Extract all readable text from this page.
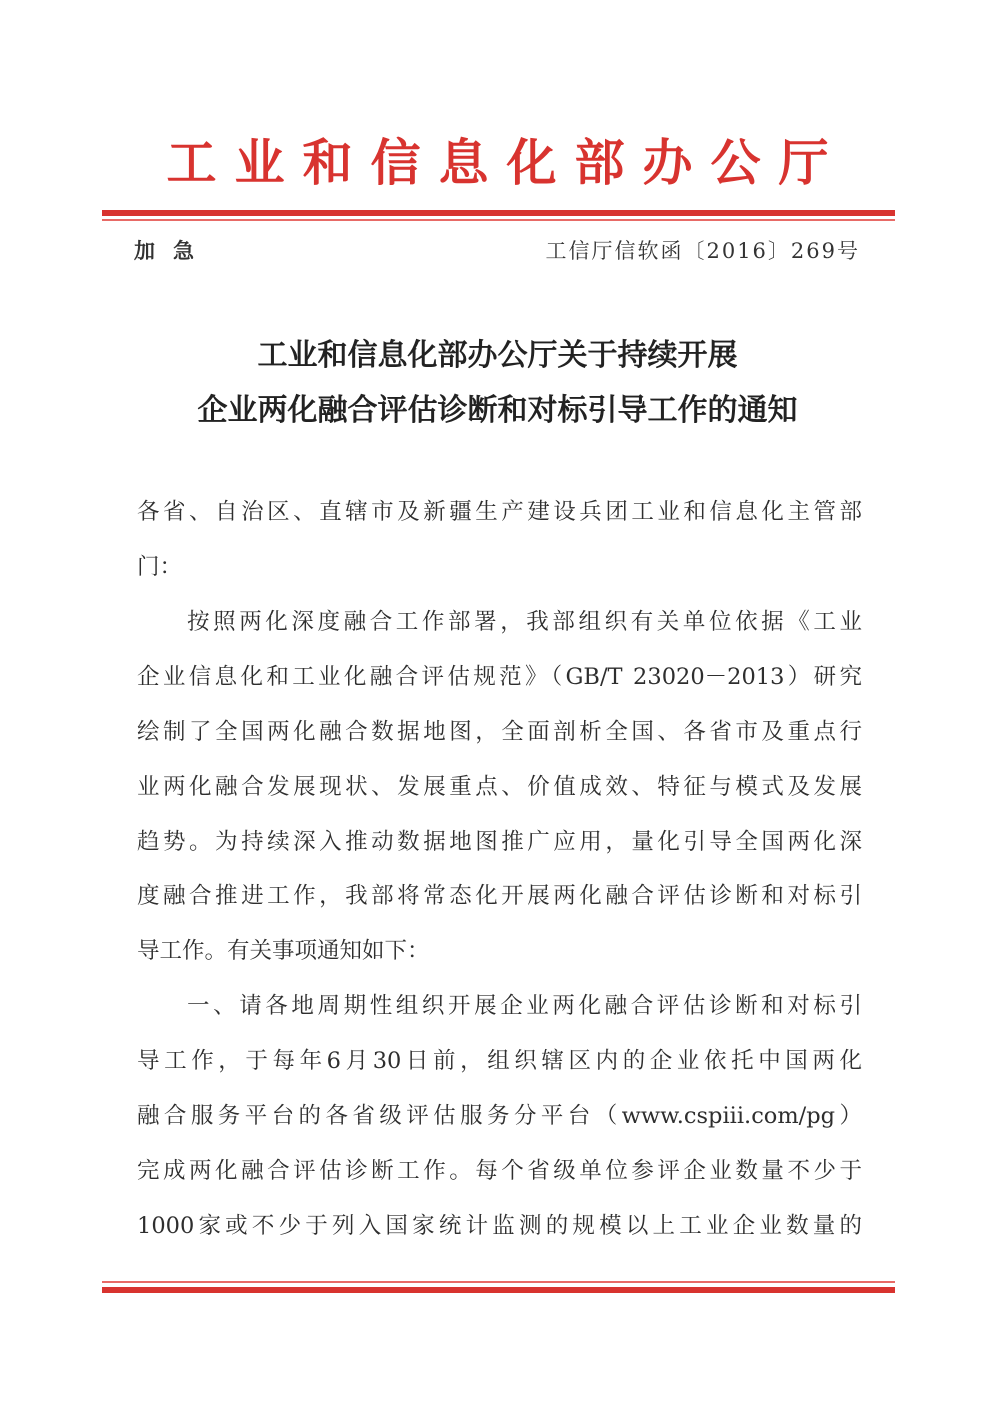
工业和信息化部办公厅
加急	工信厅信软函〔2016〕269号
工业和信息化部办公厅关于持续开展
企业两化融合评估诊断和对标引导工作的通知
各省、自治区、直辖市及新疆生产建设兵团工业和信息化主管部
门：
按照两化深度融合工作部署，我部组织有关单位依据《工业
企业信息化和工业化融合评估规范》（GB/T 23020－2013）研究
绘制了全国两化融合数据地图，全面剖析全国、各省市及重点行
业两化融合发展现状、发展重点、价值成效、特征与模式及发展
趋势。为持续深入推动数据地图推广应用，量化引导全国两化深
度融合推进工作，我部将常态化开展两化融合评估诊断和对标引
导工作。有关事项通知如下：
一、请各地周期性组织开展企业两化融合评估诊断和对标引
导工作，于每年6月30日前，组织辖区内的企业依托中国两化
融合服务平台的各省级评估服务分平台（www.cspiii.com/pg）
完成两化融合评估诊断工作。每个省级单位参评企业数量不少于
1000家或不少于列入国家统计监测的规模以上工业企业数量的
